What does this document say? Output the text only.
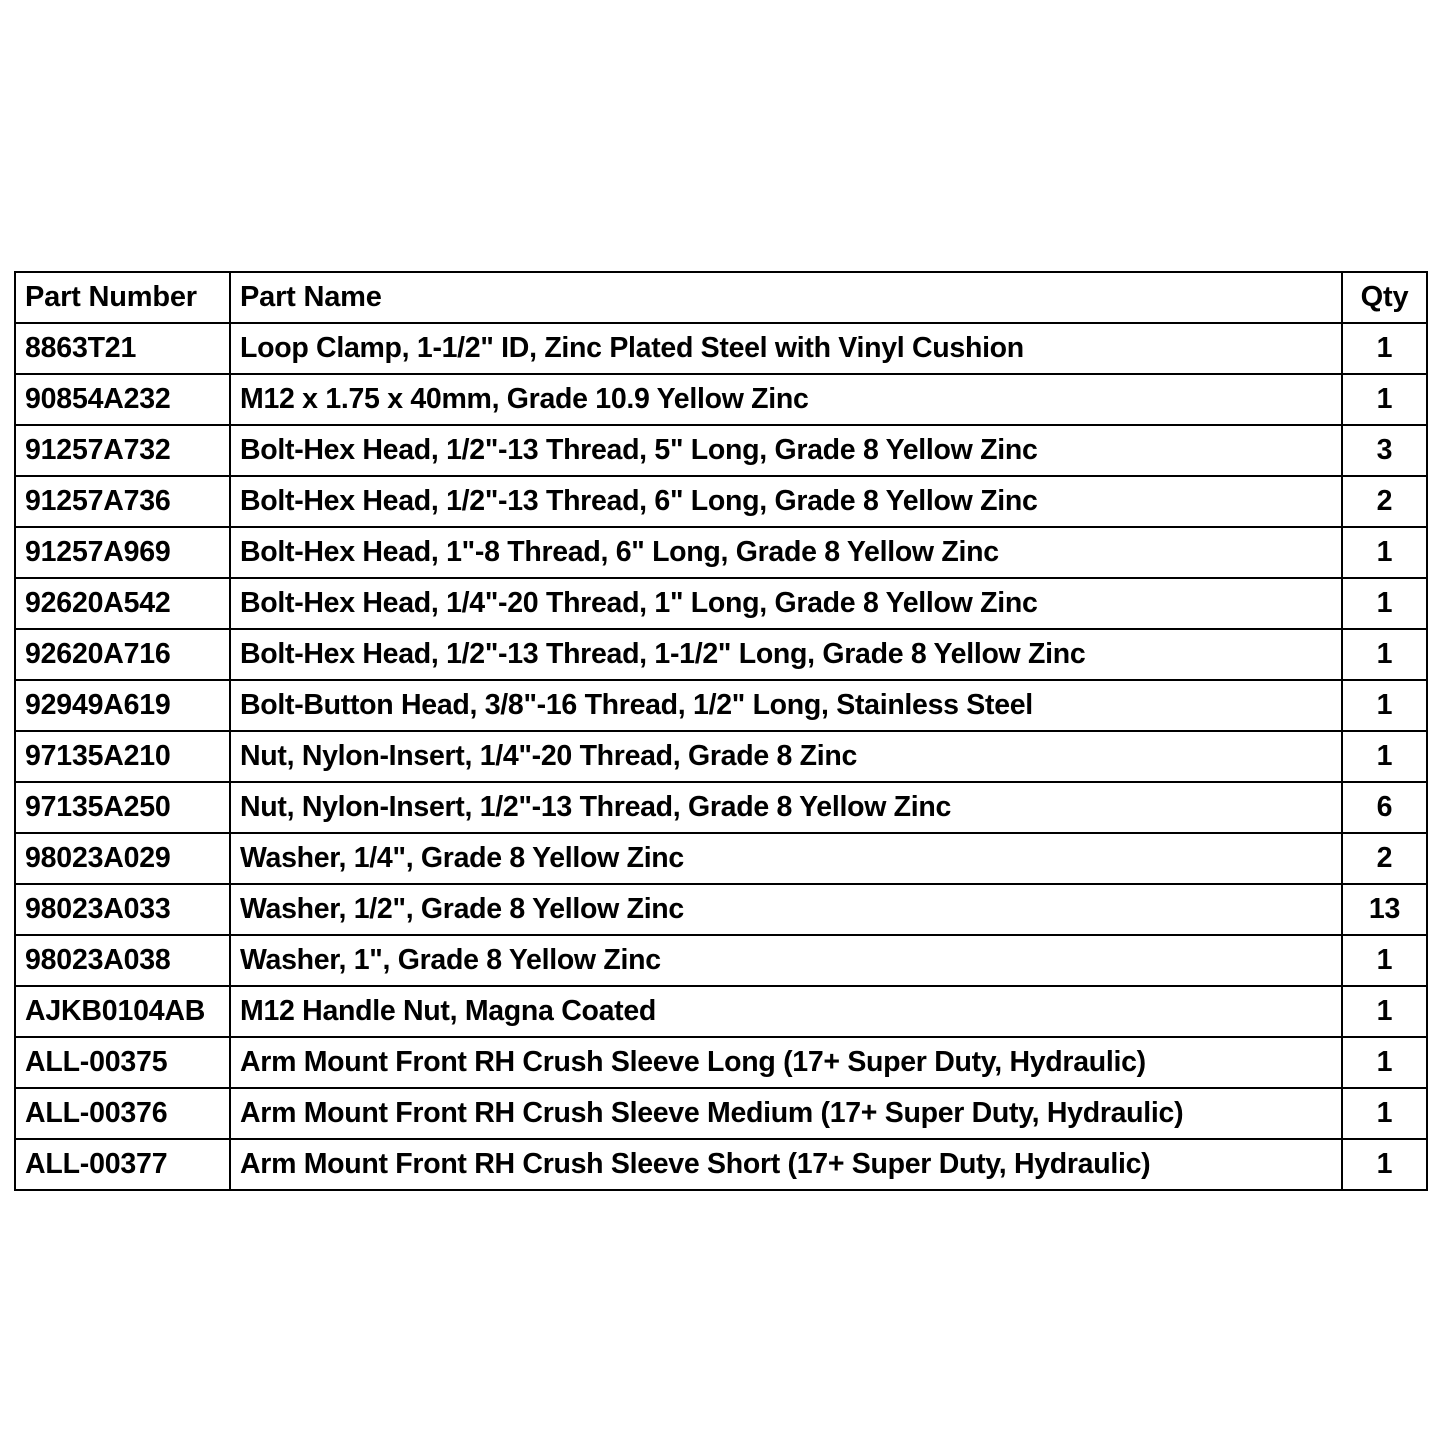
Part Number	Part Name	Qty
8863T21	Loop Clamp, 1-1/2" ID, Zinc Plated Steel with Vinyl Cushion	1
90854A232	M12 x 1.75 x 40mm, Grade 10.9 Yellow Zinc	1
91257A732	Bolt-Hex Head, 1/2"-13 Thread, 5" Long, Grade 8 Yellow Zinc	3
91257A736	Bolt-Hex Head, 1/2"-13 Thread, 6" Long, Grade 8 Yellow Zinc	2
91257A969	Bolt-Hex Head, 1"-8 Thread, 6" Long, Grade 8 Yellow Zinc	1
92620A542	Bolt-Hex Head, 1/4"-20 Thread, 1" Long, Grade 8 Yellow Zinc	1
92620A716	Bolt-Hex Head, 1/2"-13 Thread, 1-1/2" Long, Grade 8 Yellow Zinc	1
92949A619	Bolt-Button Head, 3/8"-16 Thread, 1/2" Long, Stainless Steel	1
97135A210	Nut, Nylon-Insert, 1/4"-20 Thread, Grade 8 Zinc	1
97135A250	Nut, Nylon-Insert, 1/2"-13 Thread, Grade 8 Yellow Zinc	6
98023A029	Washer, 1/4", Grade 8 Yellow Zinc	2
98023A033	Washer, 1/2", Grade 8 Yellow Zinc	13
98023A038	Washer, 1", Grade 8 Yellow Zinc	1
AJKB0104AB	M12 Handle Nut, Magna Coated	1
ALL-00375	Arm Mount Front RH Crush Sleeve Long (17+ Super Duty, Hydraulic)	1
ALL-00376	Arm Mount Front RH Crush Sleeve Medium (17+ Super Duty, Hydraulic)	1
ALL-00377	Arm Mount Front RH Crush Sleeve Short (17+ Super Duty, Hydraulic)	1
